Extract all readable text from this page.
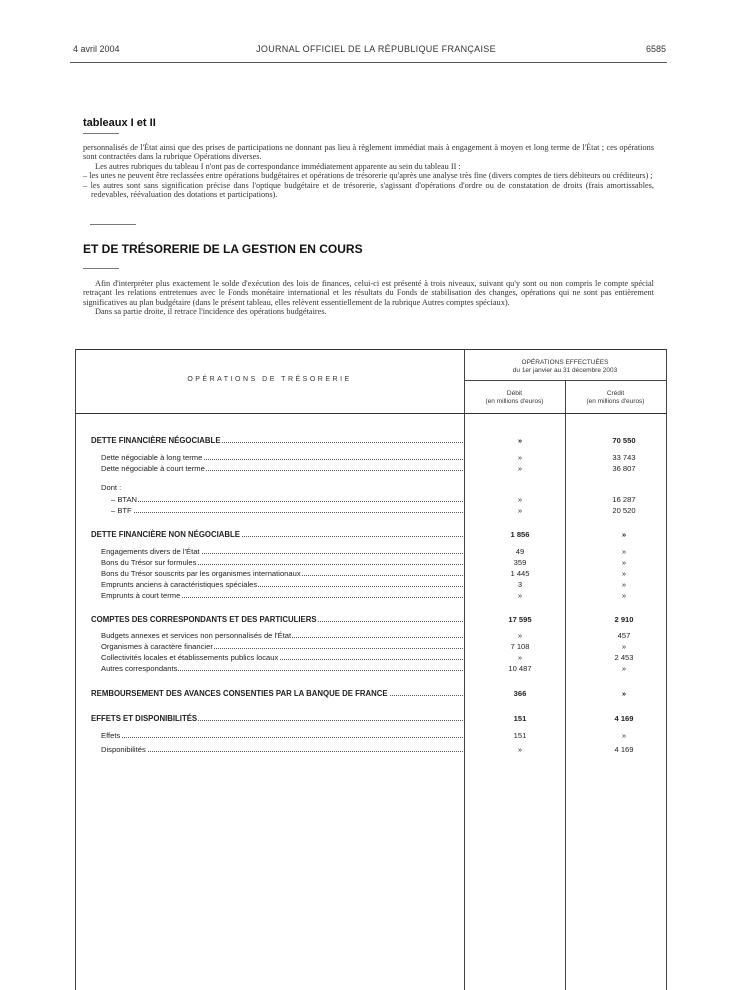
4 avril 2004	JOURNAL OFFICIEL DE LA RÉPUBLIQUE FRANÇAISE	6585
tableaux I et II

personnalisés de l'État ainsi que des prises de participations ne donnant pas lieu à règlement immédiat mais à engagement à moyen et long terme de l'État ; ces opérations sont contractées dans la rubrique Opérations diverses.

Les autres rubriques du tableau I n'ont pas de correspondance immédiatement apparente au sein du tableau II :

– les unes ne peuvent être reclassées entre opérations budgétaires et opérations de trésorerie qu'après une analyse très fine (divers comptes de tiers débiteurs ou créditeurs) ;

– les autres sont sans signification précise dans l'optique budgétaire et de trésorerie, s'agissant d'opérations d'ordre ou de constatation de droits (frais amortissables, redevables, réévaluation des dotations et participations).

ET DE TRÉSORERIE DE LA GESTION EN COURS

Afin d'interpréter plus exactement le solde d'exécution des lois de finances, celui-ci est présenté à trois niveaux, suivant qu'y sont ou non compris le compte spécial retraçant les relations entretenues avec le Fonds monétaire international et les résultats du Fonds de stabilisation des changes, opérations qui ne sont pas entièrement significatives au plan budgétaire (dans le présent tableau, elles relèvent essentiellement de la rubrique Autres comptes spéciaux).

Dans sa partie droite, il retrace l'incidence des opérations budgétaires.

OPÉRATIONS DE TRÉSORERIE
OPÉRATIONS EFFECTUÉES
du 1er janvier au 31 décembre 2003
Débit
(en millions d'euros)
Crédit
(en millions d'euros)
DETTE FINANCIÈRE NÉGOCIABLE	»	70 550
Dette négociable à long terme	»	33 743
Dette négociable à court terme	»	36 807
Dont :
– BTAN	»	16 287
– BTF	»	20 520
DETTE FINANCIÈRE NON NÉGOCIABLE	1 856	»
Engagements divers de l'État	49	»
Bons du Trésor sur formules	359	»
Bons du Trésor souscrits par les organismes internationaux	1 445	»
Emprunts anciens à caractéristiques spéciales	3	»
Emprunts à court terme	»	»
COMPTES DES CORRESPONDANTS ET DES PARTICULIERS	17 595	2 910
Budgets annexes et services non personnalisés de l'État	»	457
Organismes à caractère financier	7 108	»
Collectivités locales et établissements publics locaux	»	2 453
Autres correspondants	10 487	»
REMBOURSEMENT DES AVANCES CONSENTIES PAR LA BANQUE DE FRANCE	366	»
EFFETS ET DISPONIBILITÉS	151	4 169
Effets	151	»
Disponibilités	»	4 169
